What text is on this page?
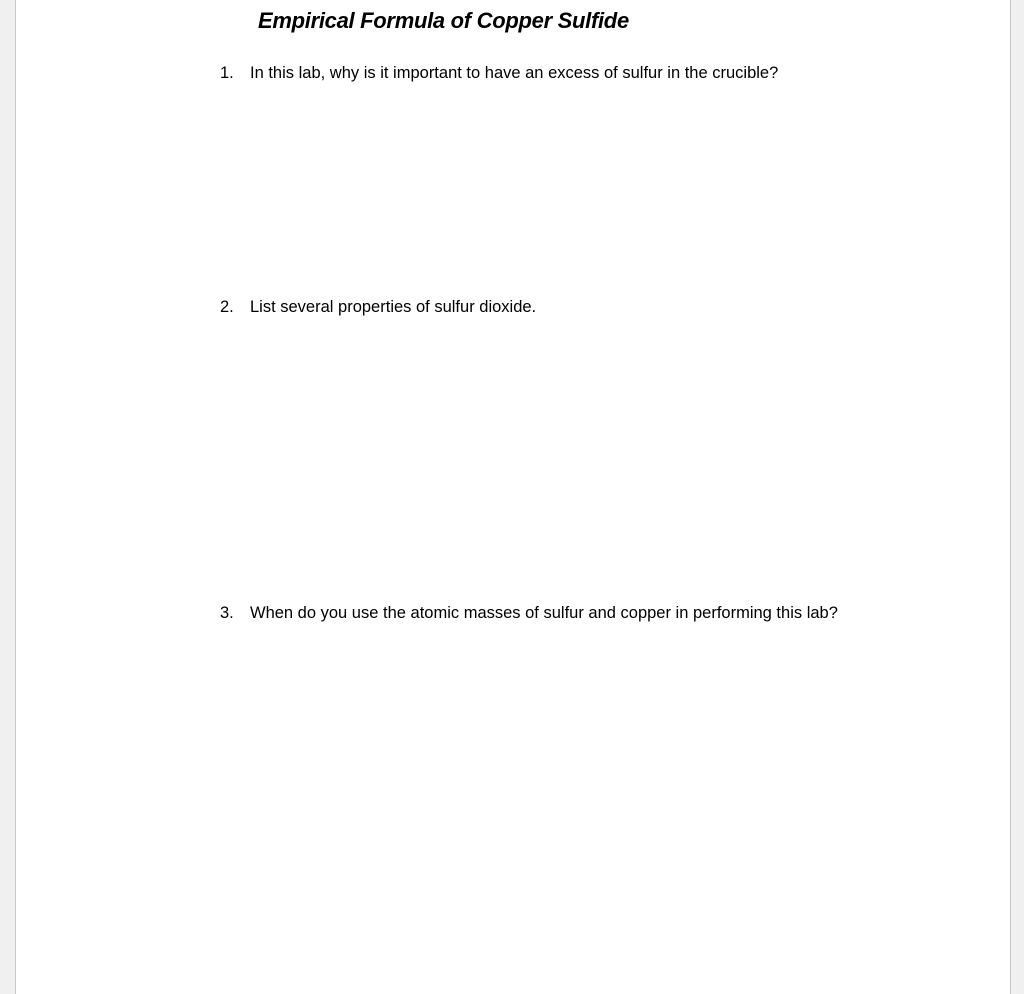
Empirical Formula of Copper Sulfide
1. In this lab, why is it important to have an excess of sulfur in the crucible?
2. List several properties of sulfur dioxide.
3. When do you use the atomic masses of sulfur and copper in performing this lab?
